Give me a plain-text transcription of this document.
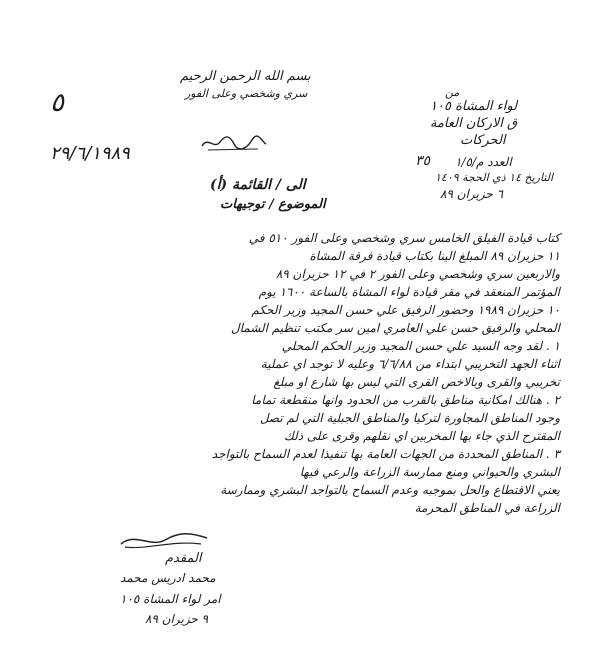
بسم الله الرحمن الرحيم
سري وشخصي وعلى الفور
٥
٢٩/٦/١٩٨٩
من
لواء المشاة ١٠٥
ق الاركان العامة
الحركات
العدد م/١/٥
٣٥
التاريخ ١٤ ذي الحجة ١٤٠٩
٦ حزيران ٨٩
الى / القائمة (أ)
الموضوع / توجيهات
كتاب قيادة الفيلق الخامس سري وشخصي وعلى الفور ٥١٠ في
١١ حزيران ٨٩ المبلغ الينا بكتاب قيادة فرقة المشاة
والاربعين سري وشخصي وعلى الفور ٢ في ١٢ حزيران ٨٩
المؤتمر المنعقد في مقر قيادة لواء المشاة بالساعة ١٦٠٠ يوم
١٠ حزيران ١٩٨٩ وحضور الرفيق علي حسن المجيد وزير الحكم
المحلي والرفيق حسن علي العامري امين سر مكتب تنظيم الشمال
١ . لقد وجه السيد علي حسن المجيد وزير الحكم المحلي
اثناء الجهد التخريبي ابتداء من ٦/٦/٨٨ وعليه لا توجد اي عملية
تخريبي والقرى وبالاخص القرى التي ليس بها شارع او مبلغ
٢ . هنالك امكانية مناطق بالقرب من الحدود وانها منقطعة تماما
وجود المناطق المجاورة لتركيا والمناطق الجبلية التي لم تصل
المقترح الذي جاء بها المخربين اي نقلهم وقرى على ذلك
٣ . المناطق المحددة من الجهات العامة بها تنفيذا لعدم السماح بالتواجد
البشري والحيواني ومنع ممارسة الزراعة والرعي فيها
يعني الاقتطاع والحل بموجبه وعدم السماح بالتواجد البشري وممارسة
الزراعة في المناطق المحرمة
المقدم
محمد ادريس محمد
امر لواء المشاة ١٠٥
٩ حزيران ٨٩
